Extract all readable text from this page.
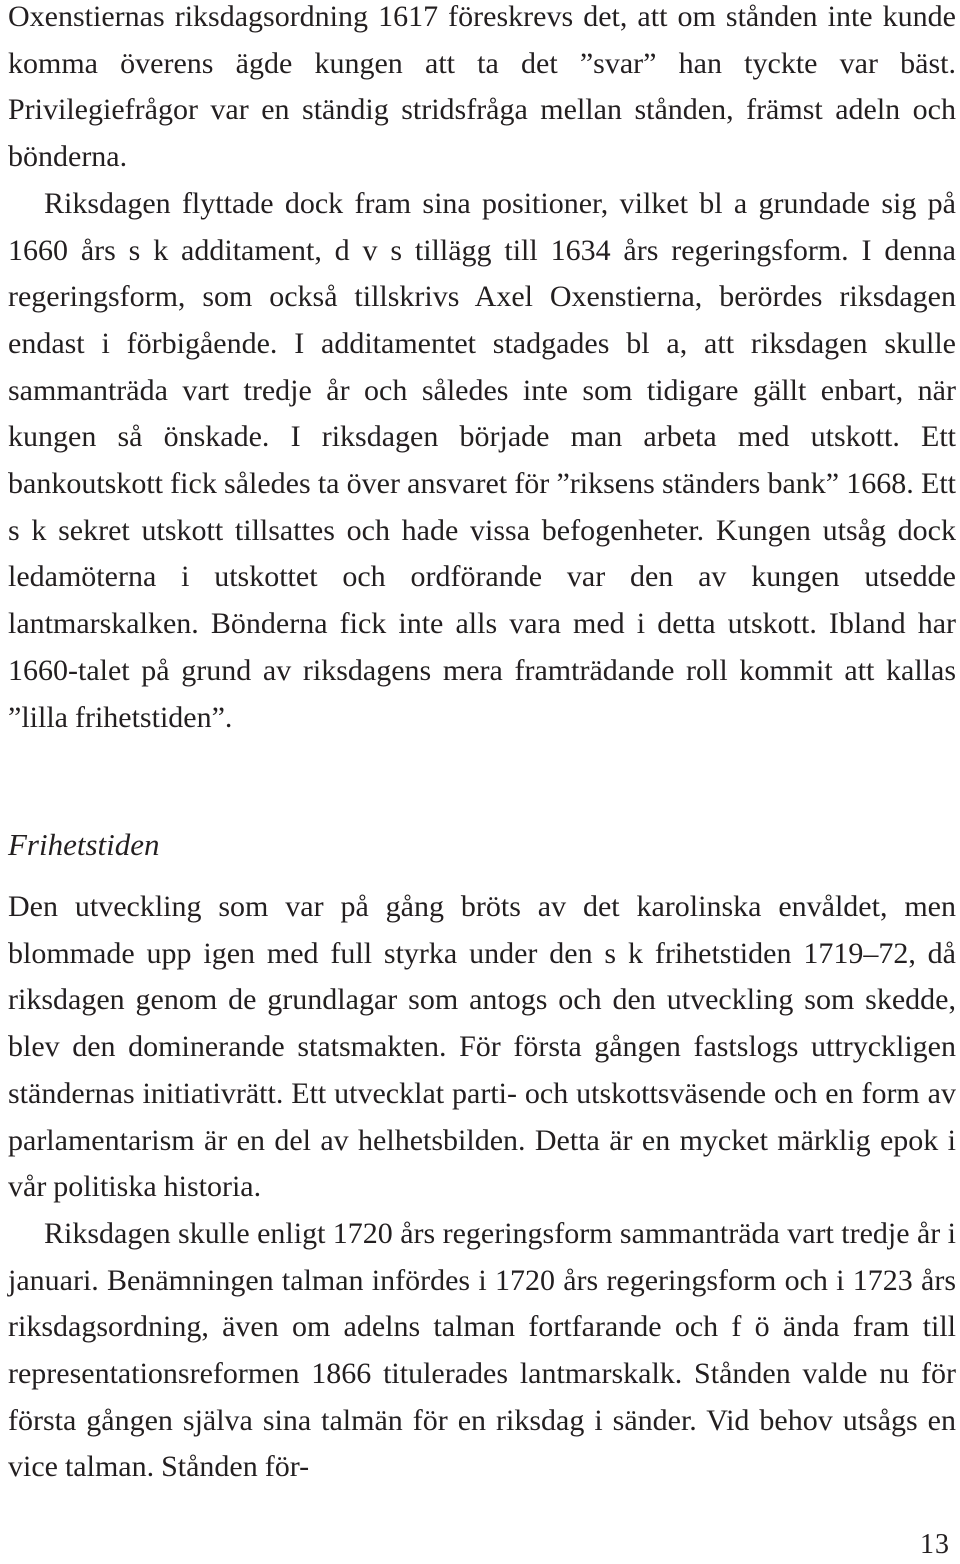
Oxenstiernas riksdagsordning 1617 föreskrevs det, att om stånden inte kunde komma överens ägde kungen att ta det ”svar” han tyckte var bäst. Privilegiefrågor var en ständig stridsfråga mellan stånden, främst adeln och bönderna.

Riksdagen flyttade dock fram sina positioner, vilket bl a grundade sig på 1660 års s k additament, d v s tillägg till 1634 års regeringsform. I denna regeringsform, som också tillskrivs Axel Oxenstierna, berördes riksdagen endast i förbigående. I additamentet stadgades bl a, att riksdagen skulle sammanträda vart tredje år och således inte som tidigare gällt enbart, när kungen så önskade. I riksdagen började man arbeta med utskott. Ett bankoutskott fick således ta över ansvaret för ”riksens ständers bank” 1668. Ett s k sekret utskott tillsattes och hade vissa befogenheter. Kungen utsåg dock ledamöterna i utskottet och ordförande var den av kungen utsedde lantmarskalken. Bönderna fick inte alls vara med i detta utskott. Ibland har 1660-talet på grund av riksdagens mera framträdande roll kommit att kallas ”lilla frihetstiden”.

Frihetstiden

Den utveckling som var på gång bröts av det karolinska envåldet, men blommade upp igen med full styrka under den s k frihetstiden 1719–72, då riksdagen genom de grundlagar som antogs och den utveckling som skedde, blev den dominerande statsmakten. För första gången fastslogs uttryckligen ständernas initiativrätt. Ett utvecklat parti- och utskottsväsende och en form av parlamentarism är en del av helhetsbilden. Detta är en mycket märklig epok i vår politiska historia.

Riksdagen skulle enligt 1720 års regeringsform sammanträda vart tredje år i januari. Benämningen talman infördes i 1720 års regeringsform och i 1723 års riksdagsordning, även om adelns talman fortfarande och f ö ända fram till representationsreformen 1866 titulerades lantmarskalk. Stånden valde nu för första gången själva sina talmän för en riksdag i sänder. Vid behov utsågs en vice talman. Stånden för-

13
